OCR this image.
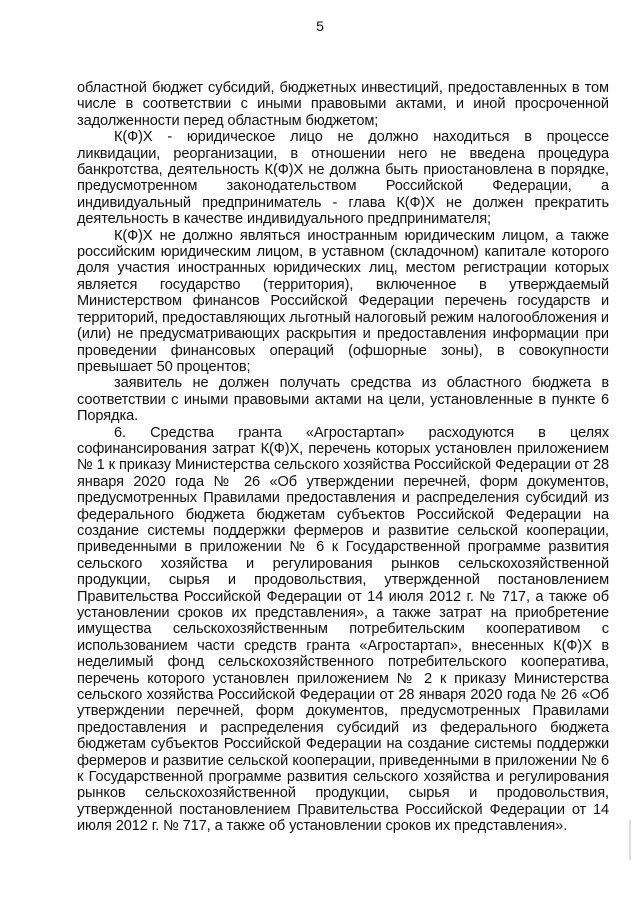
5

областной бюджет субсидий, бюджетных инвестиций, предоставленных в том числе в соответствии с иными правовыми актами, и иной просроченной задолженности перед областным бюджетом;

К(Ф)Х - юридическое лицо не должно находиться в процессе ликвидации, реорганизации, в отношении него не введена процедура банкротства, деятельность К(Ф)Х не должна быть приостановлена в порядке, предусмотренном законодательством Российской Федерации, а индивидуальный предприниматель - глава К(Ф)Х не должен прекратить деятельность в качестве индивидуального предпринимателя;

К(Ф)Х не должно являться иностранным юридическим лицом, а также российским юридическим лицом, в уставном (складочном) капитале которого доля участия иностранных юридических лиц, местом регистрации которых является государство (территория), включенное в утверждаемый Министерством финансов Российской Федерации перечень государств и территорий, предоставляющих льготный налоговый режим налогообложения и (или) не предусматривающих раскрытия и предоставления информации при проведении финансовых операций (офшорные зоны), в совокупности превышает 50 процентов;

заявитель не должен получать средства из областного бюджета в соответствии с иными правовыми актами на цели, установленные в пункте 6 Порядка.

6. Средства гранта «Агростартап» расходуются в целях софинансирования затрат К(Ф)Х, перечень которых установлен приложением № 1 к приказу Министерства сельского хозяйства Российской Федерации от 28 января 2020 года № 26 «Об утверждении перечней, форм документов, предусмотренных Правилами предоставления и распределения субсидий из федерального бюджета бюджетам субъектов Российской Федерации на создание системы поддержки фермеров и развитие сельской кооперации, приведенными в приложении № 6 к Государственной программе развития сельского хозяйства и регулирования рынков сельскохозяйственной продукции, сырья и продовольствия, утвержденной постановлением Правительства Российской Федерации от 14 июля 2012 г. № 717, а также об установлении сроков их представления», а также затрат на приобретение имущества сельскохозяйственным потребительским кооперативом с использованием части средств гранта «Агростартап», внесенных К(Ф)Х в неделимый фонд сельскохозяйственного потребительского кооператива, перечень которого установлен приложением № 2 к приказу Министерства сельского хозяйства Российской Федерации от 28 января 2020 года № 26 «Об утверждении перечней, форм документов, предусмотренных Правилами предоставления и распределения субсидий из федерального бюджета бюджетам субъектов Российской Федерации на создание системы поддержки фермеров и развитие сельской кооперации, приведенными в приложении № 6 к Государственной программе развития сельского хозяйства и регулирования рынков сельскохозяйственной продукции, сырья и продовольствия, утвержденной постановлением Правительства Российской Федерации от 14 июля 2012 г. № 717, а также об установлении сроков их представления».
